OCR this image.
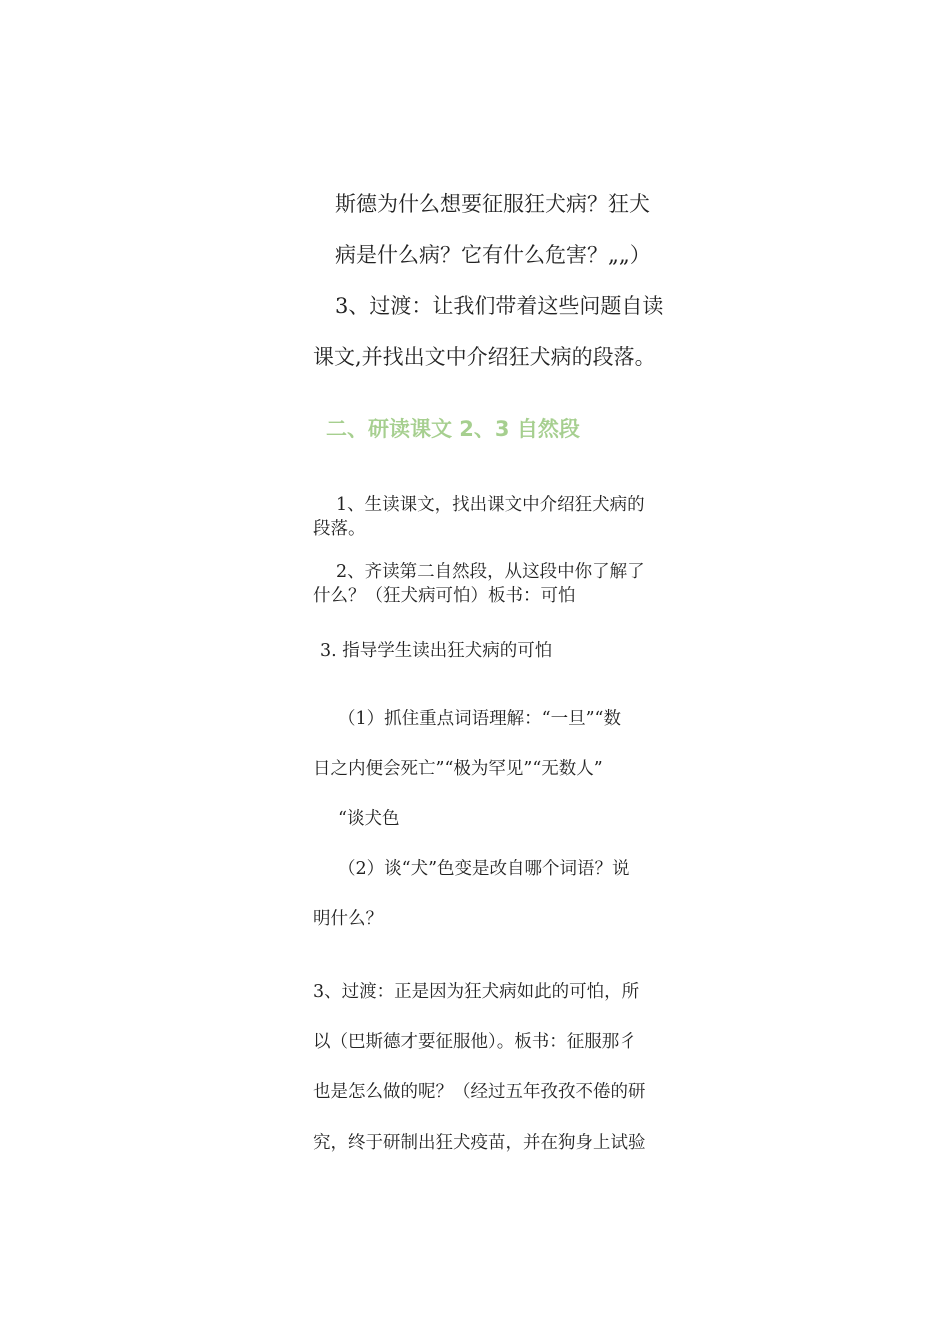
斯德为什么想要征服狂犬病？狂犬

病是什么病？它有什么危害？„„）

3、过渡：让我们带着这些问题自读

课文,并找出文中介绍狂犬病的段落。

二、研读课文 2、3 自然段

1、生读课文，找出课文中介绍狂犬病的

段落。

2、齐读第二自然段，从这段中你了解了

什么？（狂犬病可怕）板书：可怕

3. 指导学生读出狂犬病的可怕

（1）抓住重点词语理解：“一旦”“数

日之内便会死亡”“极为罕见”“无数人”

“谈犬色

（2）谈“犬”色变是改自哪个词语？说

明什么？

3、过渡：正是因为狂犬病如此的可怕，所

以（巴斯德才要征服他）。板书：征服那彳

也是怎么做的呢？（经过五年孜孜不倦的研

究，终于研制出狂犬疫苗，并在狗身上试验
